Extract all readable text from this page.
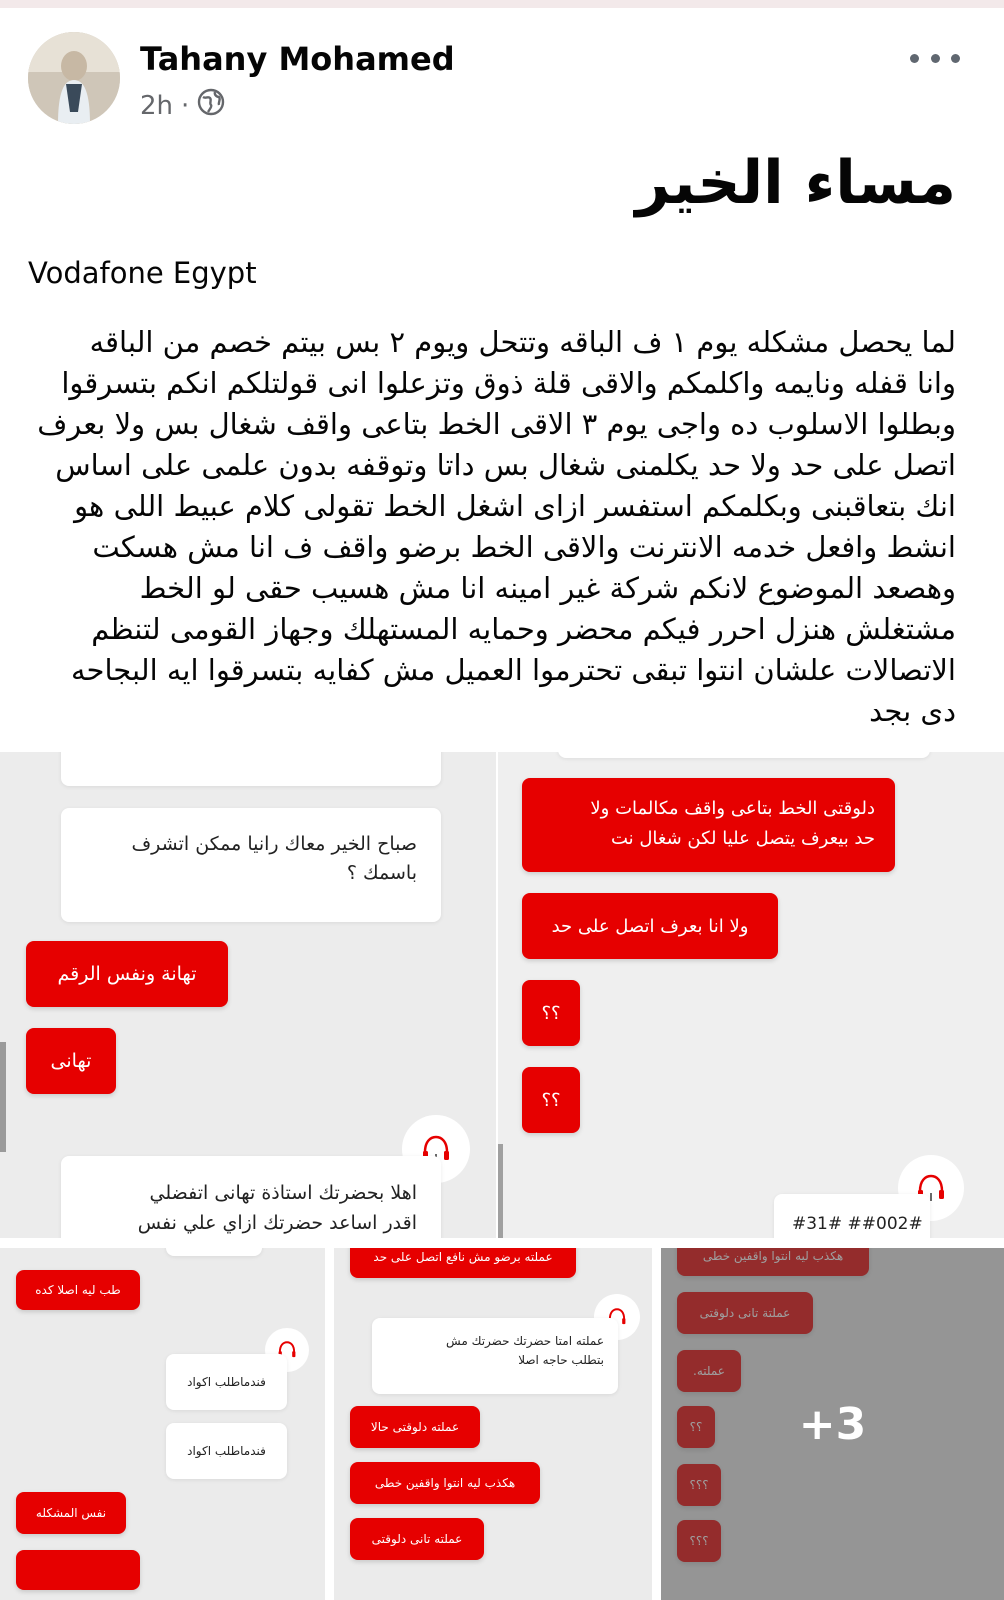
Tahany Mohamed
2h ·
مساء الخير
Vodafone Egypt
لما يحصل مشكله يوم ١ ف الباقه وتتحل ويوم ٢ بس بيتم خصم من الباقه
وانا قفله ونايمه واكلمكم والاقى قلة ذوق وتزعلوا انى قولتلكم انكم بتسرقوا
وبطلوا الاسلوب ده واجى يوم ٣ الاقى الخط بتاعى واقف شغال بس ولا بعرف
اتصل على حد ولا حد يكلمنى شغال بس داتا وتوقفه بدون علمى على اساس
انك بتعاقبنى وبكلمكم استفسر ازاى اشغل الخط تقولى كلام عبيط اللى هو
انشط وافعل خدمه الانترنت والاقى الخط برضو واقف ف انا مش هسكت
وهصعد الموضوع لانكم شركة غير امينه انا مش هسيب حقى لو الخط
مشتغلش هنزل احرر فيكم محضر وحمايه المستهلك وجهاز القومى لتنظم
الاتصالات علشان انتوا تبقى تحترموا العميل مش كفايه بتسرقوا ايه البجاحه
دى بجد
صباح الخير معاك رانيا ممكن اتشرف
باسمك ؟
تهانة ونفس الرقم
تهانى
اهلا بحضرتك استاذة تهانى اتفضلي
اقدر اساعد حضرتك ازاي علي نفس
دلوقتى الخط بتاعى واقف مكالمات ولا
حد بيعرف يتصل عليا لكن شغال نت
ولا انا بعرف اتصل على حد
؟؟
؟؟
#31# ##002#
طب ليه اصلا كده
فندماطلب اكواد
فندماطلب اكواد
نفس المشكله
عملته برضو مش نافع اتصل على حد
عملته امتا حضرتك حضرتك مش
بتطلب حاجه اصلا
عملته دلوقتى حالا
هكذب ليه انتوا واقفين خطى
عملته تانى دلوقتى
+3
